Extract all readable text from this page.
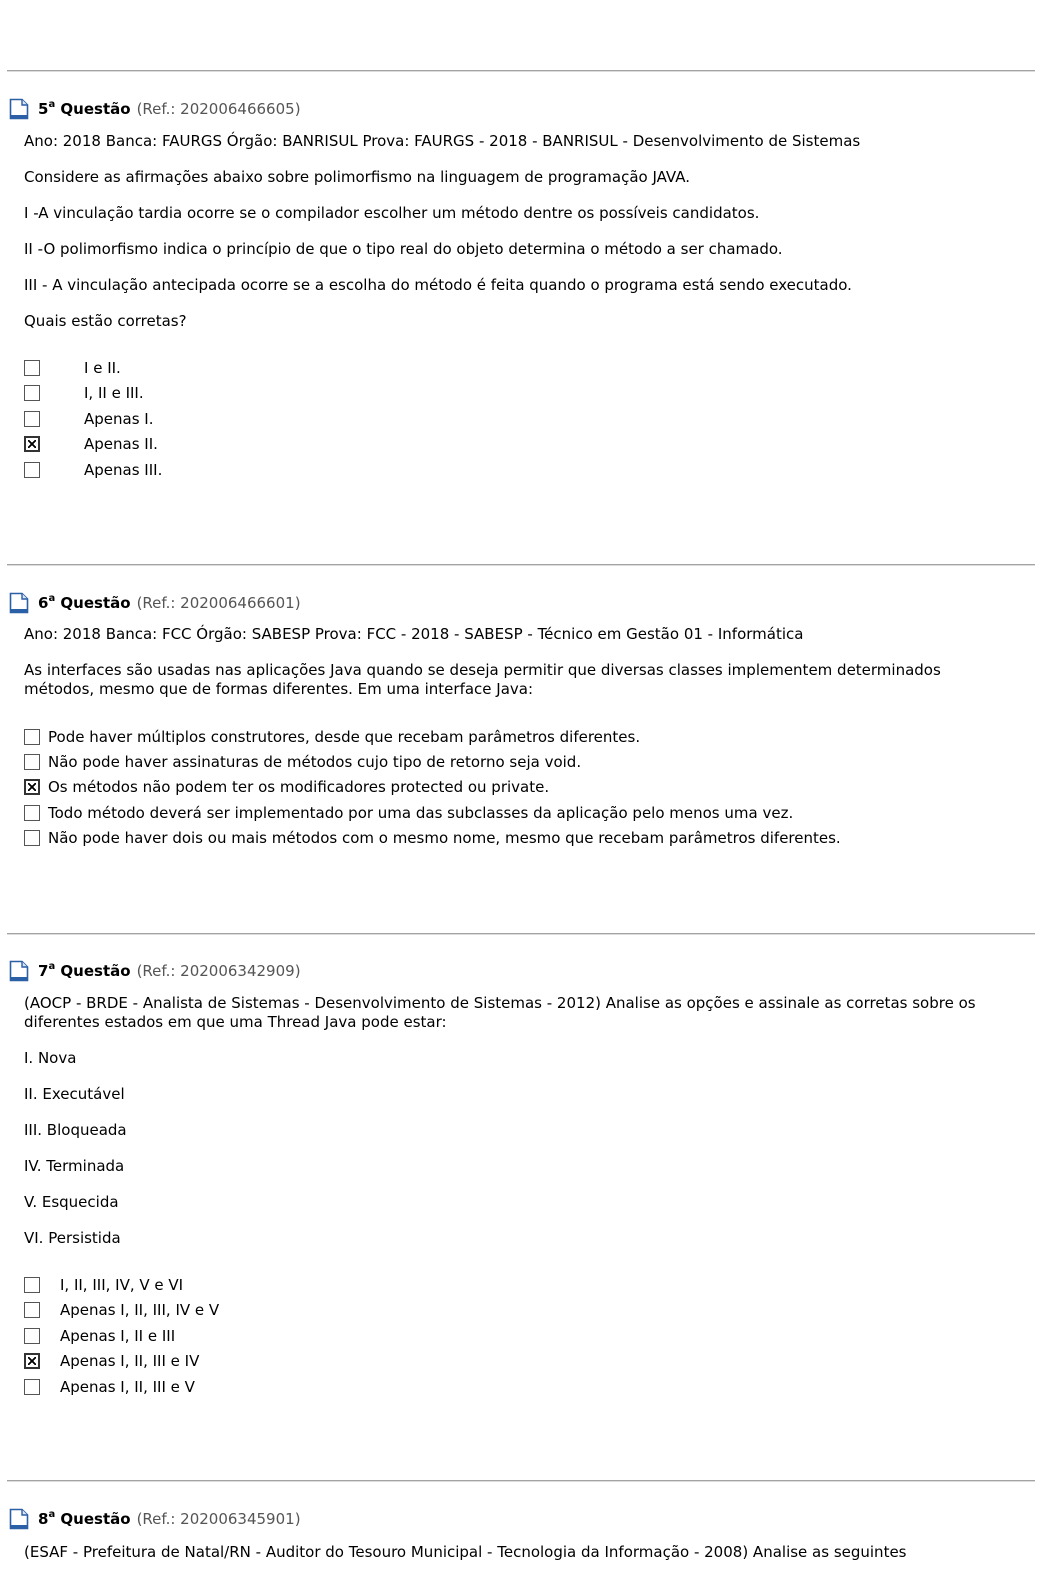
5$^a$ Questão (Ref.: 202006466605)
Ano: 2018 Banca: FAURGS Órgão: BANRISUL Prova: FAURGS - 2018 - BANRISUL - Desenvolvimento de Sistemas
Considere as afirmações abaixo sobre polimorfismo na linguagem de programação JAVA.
I -A vinculação tardia ocorre se o compilador escolher um método dentre os possíveis candidatos.
II -O polimorfismo indica o princípio de que o tipo real do objeto determina o método a ser chamado.
III - A vinculação antecipada ocorre se a escolha do método é feita quando o programa está sendo executado.
Quais estão corretas?
I e II.
I, II e III.
Apenas I.
Apenas II.
Apenas III.
6$^a$ Questão (Ref.: 202006466601)
Ano: 2018 Banca: FCC Órgão: SABESP Prova: FCC - 2018 - SABESP - Técnico em Gestão 01 - Informática
As interfaces são usadas nas aplicações Java quando se deseja permitir que diversas classes implementem determinados métodos, mesmo que de formas diferentes. Em uma interface Java:
Pode haver múltiplos construtores, desde que recebam parâmetros diferentes.
Não pode haver assinaturas de métodos cujo tipo de retorno seja void.
Os métodos não podem ter os modificadores protected ou private.
Todo método deverá ser implementado por uma das subclasses da aplicação pelo menos uma vez.
Não pode haver dois ou mais métodos com o mesmo nome, mesmo que recebam parâmetros diferentes.
7$^a$ Questão (Ref.: 202006342909)
(AOCP - BRDE - Analista de Sistemas - Desenvolvimento de Sistemas - 2012) Analise as opções e assinale as corretas sobre os diferentes estados em que uma Thread Java pode estar:
I. Nova
II. Executável
III. Bloqueada
IV. Terminada
V. Esquecida
VI. Persistida
I, II, III, IV, V e VI
Apenas I, II, III, IV e V
Apenas I, II e III
Apenas I, II, III e IV
Apenas I, II, III e V
8$^a$ Questão (Ref.: 202006345901)
(ESAF - Prefeitura de Natal/RN - Auditor do Tesouro Municipal - Tecnologia da Informação - 2008) Analise as seguintes
